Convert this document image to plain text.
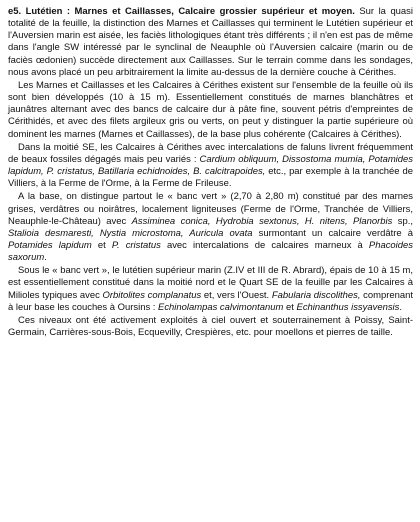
e5. Lutétien : Marnes et Caillasses, Calcaire grossier supérieur et moyen. Sur la quasi totalité de la feuille, la distinction des Marnes et Caillasses qui terminent le Lutétien supérieur et l'Auversien marin est aisée, les faciès lithologiques étant très différents ; il n'en est pas de même dans l'angle SW intéressé par le synclinal de Neauphle où l'Auversien calcaire (marin ou de faciès œdonien) succède directement aux Caillasses. Sur le terrain comme dans les sondages, nous avons placé un peu arbitrairement la limite au-dessus de la dernière couche à Cérithes.

Les Marnes et Caillasses et les Calcaires à Cérithes existent sur l'ensemble de la feuille où ils sont bien développés (10 à 15 m). Essentiellement constitués de marnes blanchâtres et jaunâtres alternant avec des bancs de calcaire dur à pâte fine, souvent pétris d'empreintes de Cérithidés, et avec des filets argileux gris ou verts, on peut y distinguer la partie supérieure où dominent les marnes (Marnes et Caillasses), de la base plus cohérente (Calcaires à Cérithes).

Dans la moitié SE, les Calcaires à Cérithes avec intercalations de faluns livrent fréquemment de beaux fossiles dégagés mais peu variés : Cardium obliquum, Dissostoma mumia, Potamides lapidum, P. cristatus, Batillaria echidnoides, B. calcitrapoides, etc., par exemple à la tranchée de Villiers, à la Ferme de l'Orme, à la Ferme de Frileuse.

A la base, on distingue partout le « banc vert » (2,70 à 2,80 m) constitué par des marnes grises, verdâtres ou noirâtres, localement ligniteuses (Ferme de l'Orme, Tranchée de Villiers, Neauphle-le-Château) avec Assiminea conica, Hydrobia sextonus, H. nitens, Planorbis sp., Stalioia desmaresti, Nystia microstoma, Auricula ovata surmontant un calcaire verdâtre à Potamides lapidum et P. cristatus avec intercalations de calcaires marneux à Phacoides saxorum.

Sous le « banc vert », le lutétien supérieur marin (Z.IV et III de R. Abrard), épais de 10 à 15 m, est essentiellement constitué dans la moitié nord et le Quart SE de la feuille par les Calcaires à Milioles typiques avec Orbitolites complanatus et, vers l'Ouest. Fabularia discolithes, comprenant à leur base les couches à Oursins : Echinolampas calvimontanum et Echinanthus issyavensis.

Ces niveaux ont été activement exploités à ciel ouvert et souterrainement à Poissy, Saint-Germain, Carrières-sous-Bois, Ecquevilly, Crespières, etc. pour moellons et pierres de taille.
